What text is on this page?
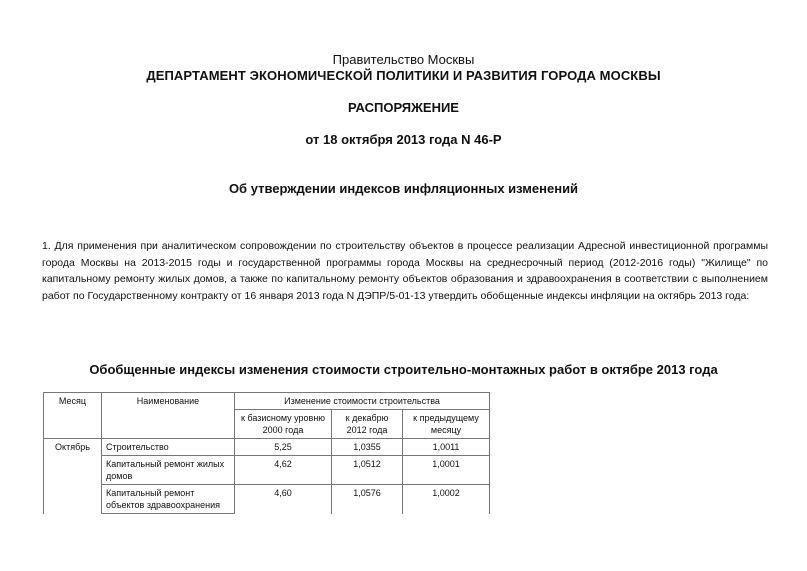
Правительство Москвы
ДЕПАРТАМЕНТ ЭКОНОМИЧЕСКОЙ ПОЛИТИКИ И РАЗВИТИЯ ГОРОДА МОСКВЫ
РАСПОРЯЖЕНИЕ
от 18 октября 2013 года N 46-Р
Об утверждении индексов инфляционных изменений
1. Для применения при аналитическом сопровождении по строительству объектов в процессе реализации Адресной инвестиционной программы города Москвы на 2013-2015 годы и государственной программы города Москвы на среднесрочный период (2012-2016 годы) "Жилище" по капитальному ремонту жилых домов, а также по капитальному ремонту объектов образования и здравоохранения в соответствии с выполнением работ по Государственному контракту от 16 января 2013 года N ДЭПР/5-01-13 утвердить обобщенные индексы инфляции на октябрь 2013 года:
Обобщенные индексы изменения стоимости строительно-монтажных работ в октябре 2013 года
Месяц	Наименование	Изменение стоимости строительства		
		к базисному уровню 2000 года	к декабрю 2012 года	к предыдущему месяцу
Октябрь	Строительство	5,25	1,0355	1,0011
	Капитальный ремонт жилых домов	4,62	1,0512	1,0001
	Капитальный ремонт объектов здравоохранения	4,60	1,0576	1,0002
